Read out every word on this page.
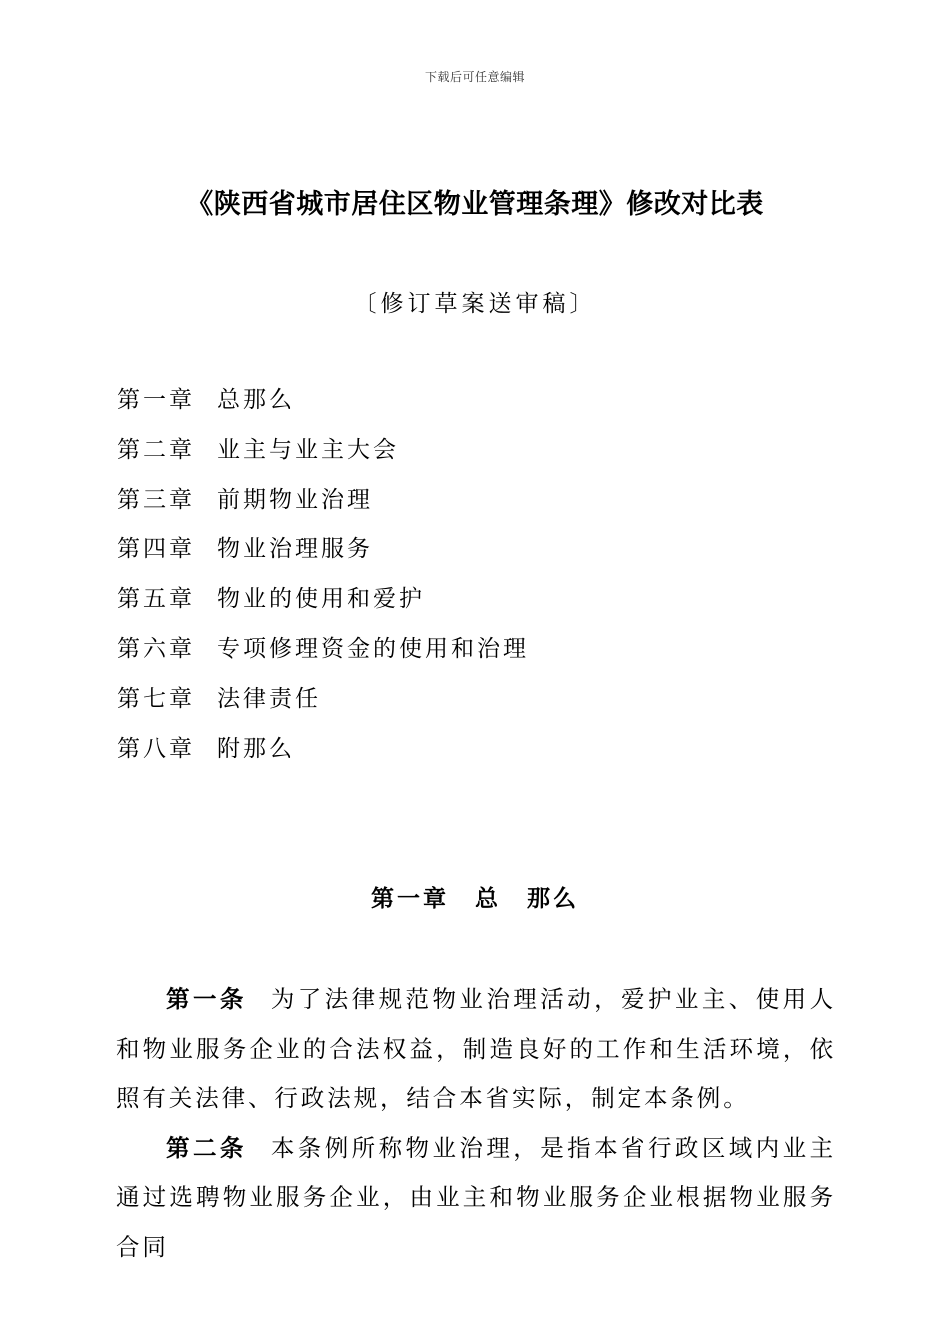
下载后可任意编辑
《陕西省城市居住区物业管理条理》修改对比表
〔修订草案送审稿〕
第一章 总那么
第二章 业主与业主大会
第三章 前期物业治理
第四章 物业治理服务
第五章 物业的使用和爱护
第六章 专项修理资金的使用和治理
第七章 法律责任
第八章 附那么
第一章 总 那么

第一条 为了法律规范物业治理活动，爱护业主、使用人和物业服务企业的合法权益，制造良好的工作和生活环境，依照有关法律、行政法规，结合本省实际，制定本条例。

第二条 本条例所称物业治理，是指本省行政区域内业主通过选聘物业服务企业，由业主和物业服务企业根据物业服务合同
